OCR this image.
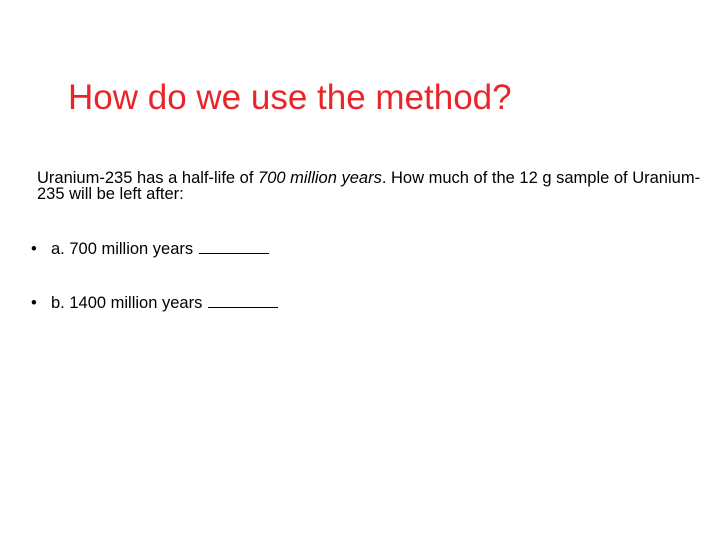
How do we use the method?
Uranium-235 has a half-life of 700 million years. How much of the 12 g sample of Uranium-235 will be left after:
• a. 700 million years
• b. 1400 million years
